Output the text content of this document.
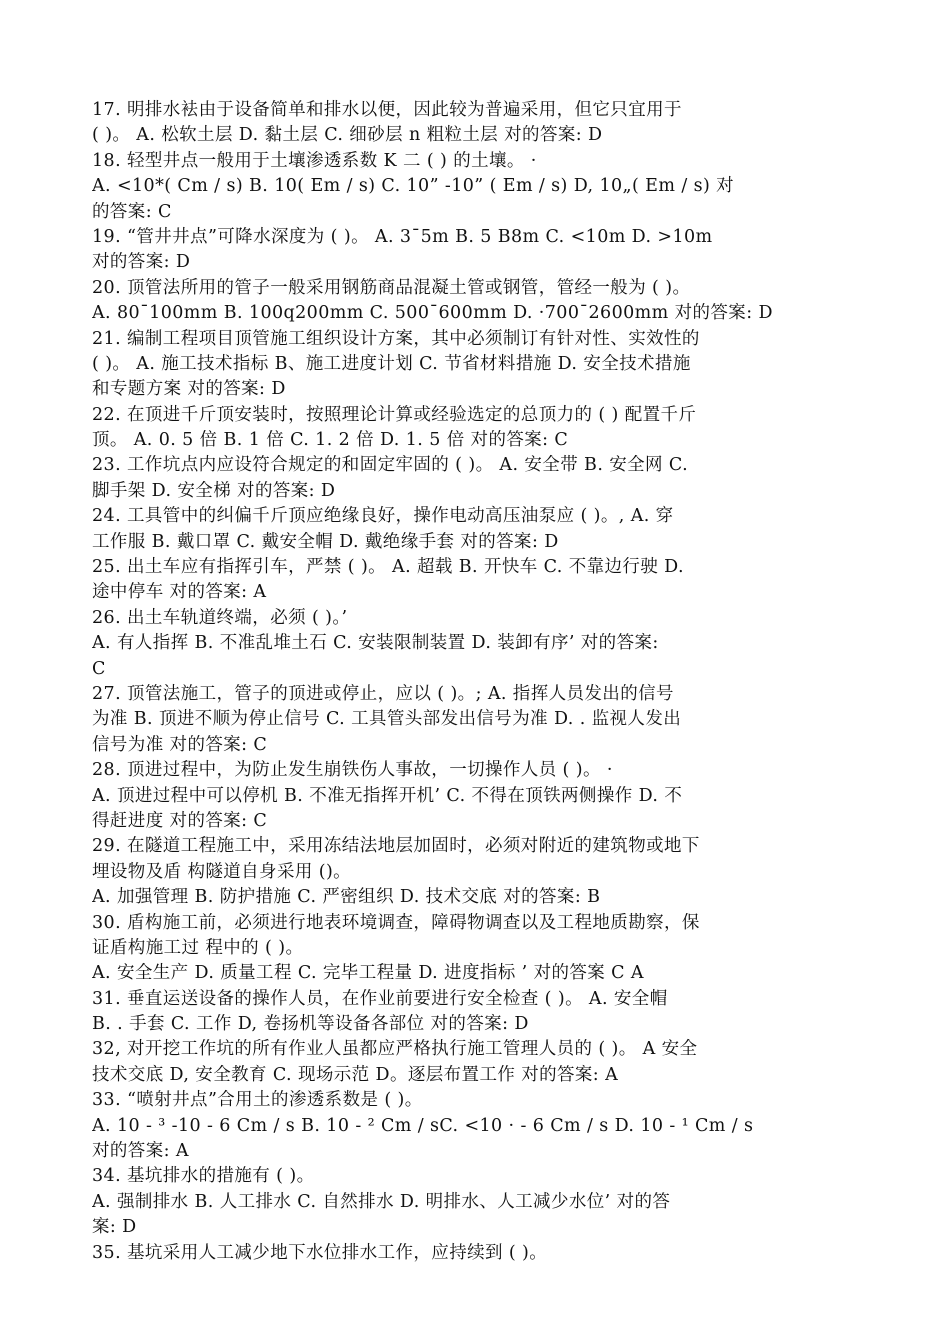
17. 明排水袪由于设备简单和排水以便，因此较为普遍采用，但它只宜用于
( )。 A. 松软土层 D. 黏土层 C. 细砂层 n 粗粒土层 对的答案: D
18. 轻型井点一般用于土壤渗透系数 K 二 ( ) 的土壤。 ·
A. <10*( Cm / s) B. 10( Em / s) C. 10” -10” ( Em / s) D, 10„( Em / s) 对
的答案: C
19. “管井井点”可降水深度为 ( )。 A. 3¯5m B. 5 B8m C. <10m D. >10m
对的答案: D
20. 顶管法所用的管子一般采用钢筋商品混凝土管或钢管，管经一般为 ( )。
A. 80¯100mm B. 100q200mm C. 500¯600mm D. ·700¯2600mm 对的答案: D
21. 编制工程项目顶管施工组织设计方案，其中必须制订有针对性、实效性的
( )。 A. 施工技术指标 B、施工进度计划 C. 节省材料措施 D. 安全技术措施
和专题方案 对的答案: D
22. 在顶进千斤顶安装时，按照理论计算或经验选定的总顶力的 ( ) 配置千斤
顶。 A. 0. 5 倍 B. 1 倍 C. 1. 2 倍 D. 1. 5 倍 对的答案: C
23. 工作坑点内应设符合规定的和固定牢固的 ( )。 A. 安全带 B. 安全网 C.
脚手架 D. 安全梯 对的答案: D
24. 工具管中的纠偏千斤顶应绝缘良好，操作电动高压油泵应 ( )。, A. 穿
工作服 B. 戴口罩 C. 戴安全帽 D. 戴绝缘手套 对的答案: D
25. 出土车应有指挥引车，严禁 ( )。 A. 超载 B. 开快车 C. 不靠边行驶 D.
途中停车 对的答案: A
26. 出土车轨道终端，必须 ( )。’
A. 有人指挥 B. 不准乱堆土石 C. 安装限制装置 D. 装卸有序’ 对的答案:
C
27. 顶管法施工，管子的顶进或停止，应以 ( )。; A. 指挥人员发出的信号
为准 B. 顶进不顺为停止信号 C. 工具管头部发出信号为准 D. . 监视人发出
信号为准 对的答案: C
28. 顶进过程中，为防止发生崩铁伤人事故，一切操作人员 ( )。 ·
A. 顶进过程中可以停机 B. 不准无指挥开机’ C. 不得在顶铁两侧操作 D. 不
得赶进度 对的答案: C
29. 在隧道工程施工中，采用冻结法地层加固时，必须对附近的建筑物或地下
埋设物及盾 构隧道自身采用 ()。
A. 加强管理 B. 防护措施 C. 严密组织 D. 技术交底 对的答案: B
30. 盾构施工前，必须进行地表环境调查，障碍物调查以及工程地质勘察，保
证盾构施工过 程中的 ( )。
A. 安全生产 D. 质量工程 C. 完毕工程量 D. 进度指标 ’ 对的答案 C A
31. 垂直运送设备的操作人员，在作业前要进行安全检查 ( )。 A. 安全帽
B. . 手套 C. 工作 D, 卷扬机等设备各部位 对的答案: D
32, 对开挖工作坑的所有作业人虽都应严格执行施工管理人员的 ( )。 A 安全
技术交底 D, 安全教育 C. 现场示范 D。逐层布置工作 对的答案: A
33. “喷射井点”合用土的渗透系数是 ( )。
A. 10 - ³ -10 - 6 Cm / s B. 10 - ² Cm / sC. <10 · - 6 Cm / s D. 10 - ¹ Cm / s
对的答案: A
34. 基坑排水的措施有 ( )。
A. 强制排水 B. 人工排水 C. 自然排水 D. 明排水、人工减少水位’ 对的答
案: D
35. 基坑采用人工减少地下水位排水工作，应持续到 ( )。
